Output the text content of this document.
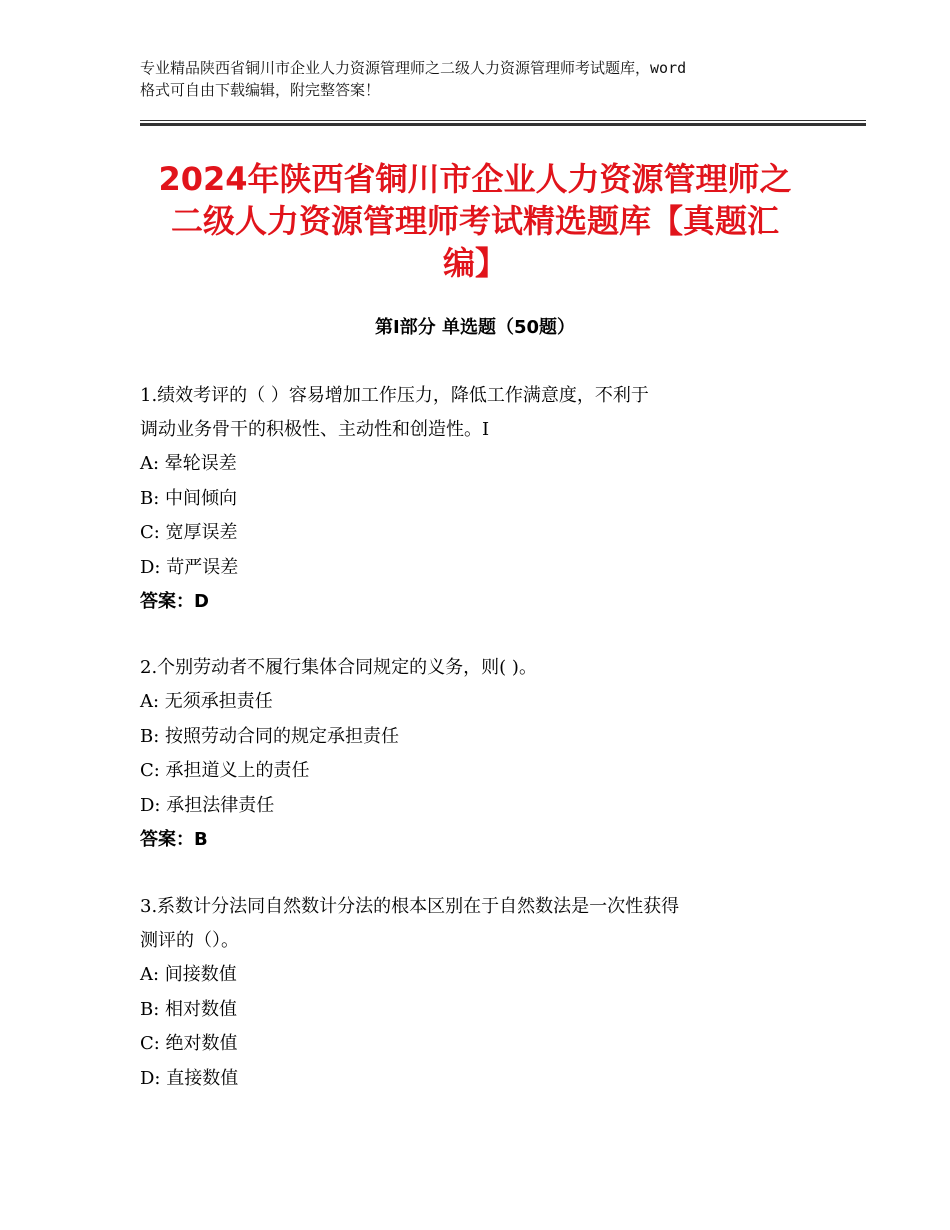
专业精品陕西省铜川市企业人力资源管理师之二级人力资源管理师考试题库，word
格式可自由下载编辑，附完整答案！
2024年陕西省铜川市企业人力资源管理师之
二级人力资源管理师考试精选题库【真题汇
编】
第Ⅰ部分 单选题（50题）
1.绩效考评的（ ）容易增加工作压力，降低工作满意度，不利于
调动业务骨干的积极性、主动性和创造性。I
A: 晕轮误差
B: 中间倾向
C: 宽厚误差
D: 苛严误差
答案：D
2.个别劳动者不履行集体合同规定的义务，则( )。
A: 无须承担责任
B: 按照劳动合同的规定承担责任
C: 承担道义上的责任
D: 承担法律责任
答案：B
3.系数计分法同自然数计分法的根本区别在于自然数法是一次性获得
测评的（）。
A: 间接数值
B: 相对数值
C: 绝对数值
D: 直接数值
